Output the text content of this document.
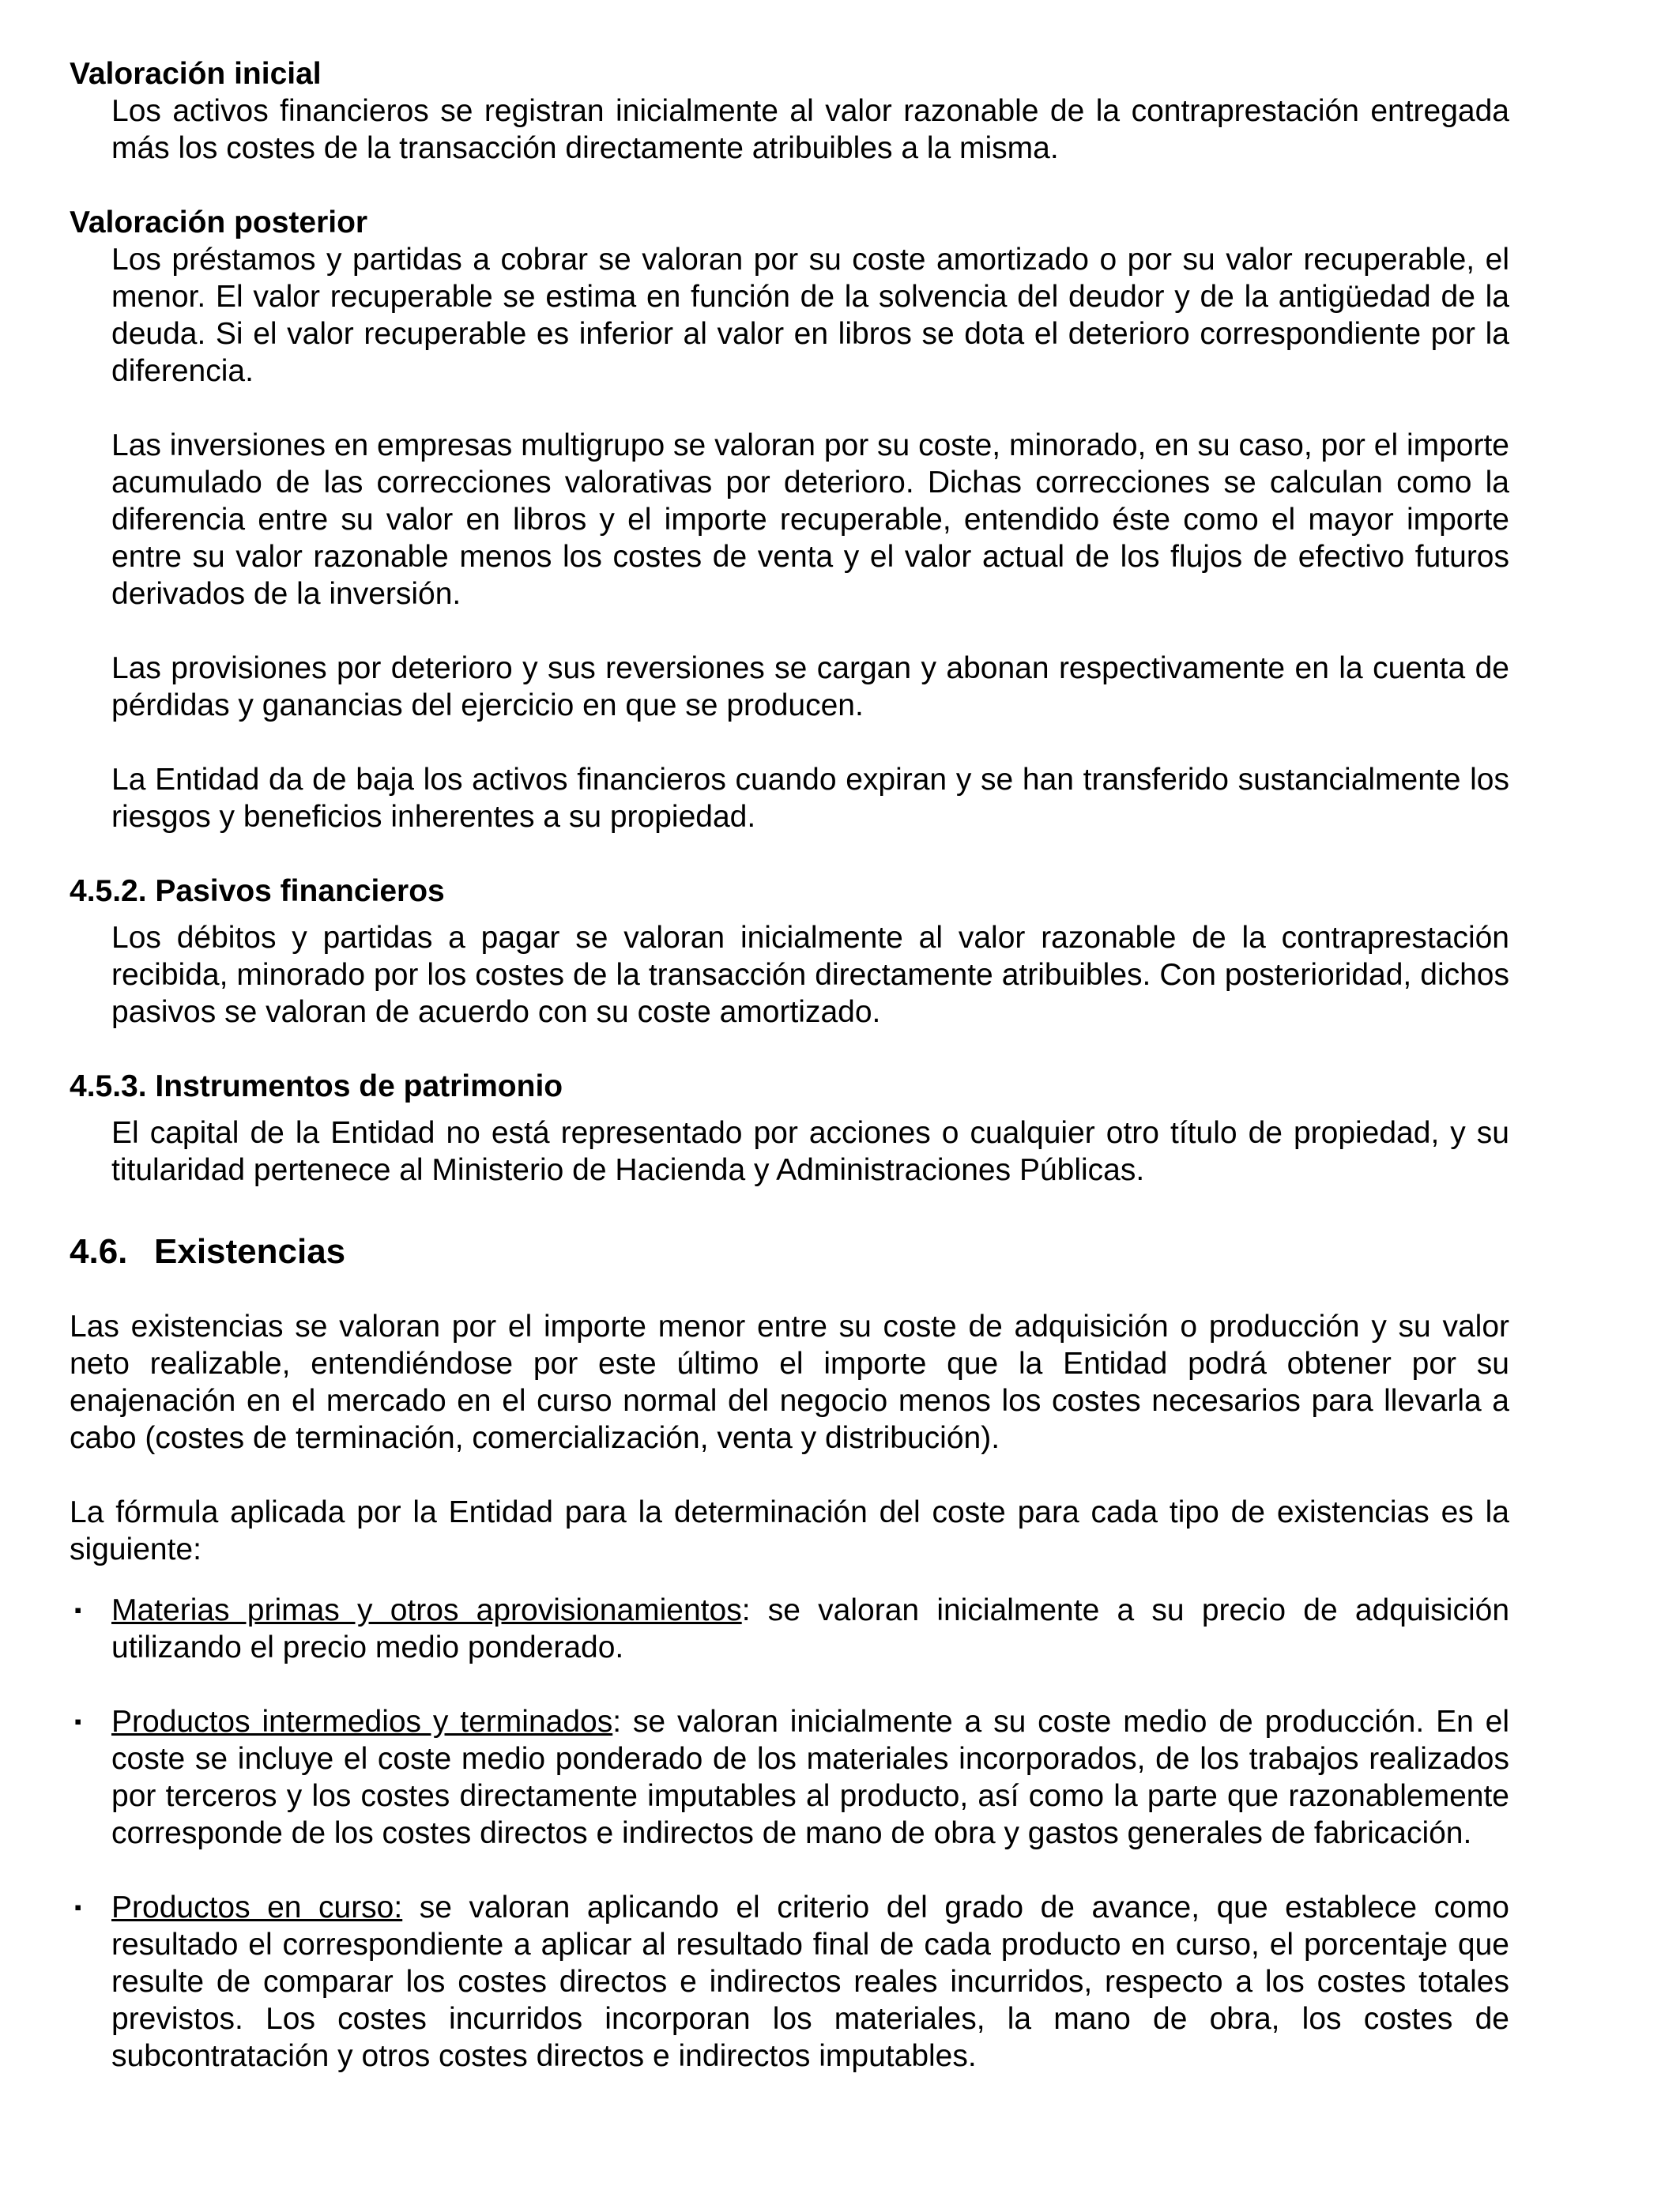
Valoración inicial

Los activos financieros se registran inicialmente al valor razonable de la contraprestación entregada más los costes de la transacción directamente atribuibles a la misma.

Valoración posterior

Los préstamos y partidas a cobrar se valoran por su coste amortizado o por su valor recuperable, el menor. El valor recuperable se estima en función de la solvencia del deudor y de la antigüedad de la deuda. Si el valor recuperable es inferior al valor en libros se dota el deterioro correspondiente por la diferencia.

Las inversiones en empresas multigrupo se valoran por su coste, minorado, en su caso, por el importe acumulado de las correcciones valorativas por deterioro. Dichas correcciones se calculan como la diferencia entre su valor en libros y el importe recuperable, entendido éste como el mayor importe entre su valor razonable menos los costes de venta y el valor actual de los flujos de efectivo futuros derivados de la inversión.

Las provisiones por deterioro y sus reversiones se cargan y abonan respectivamente en la cuenta de pérdidas y ganancias del ejercicio en que se producen.

La Entidad da de baja los activos financieros cuando expiran y se han transferido sustancialmente los riesgos y beneficios inherentes a su propiedad.

4.5.2. Pasivos financieros

Los débitos y partidas a pagar se valoran inicialmente al valor razonable de la contraprestación recibida, minorado por los costes de la transacción directamente atribuibles. Con posterioridad, dichos pasivos se valoran de acuerdo con su coste amortizado.

4.5.3. Instrumentos de patrimonio

El capital de la Entidad no está representado por acciones o cualquier otro título de propiedad, y su titularidad pertenece al Ministerio de Hacienda y Administraciones Públicas.

4.6. Existencias

Las existencias se valoran por el importe menor entre su coste de adquisición o producción y su valor neto realizable, entendiéndose por este último el importe que la Entidad podrá obtener por su enajenación en el mercado en el curso normal del negocio menos los costes necesarios para llevarla a cabo (costes de terminación, comercialización, venta y distribución).

La fórmula aplicada por la Entidad para la determinación del coste para cada tipo de existencias es la siguiente:

▪ Materias primas y otros aprovisionamientos: se valoran inicialmente a su precio de adquisición utilizando el precio medio ponderado.
▪ Productos intermedios y terminados: se valoran inicialmente a su coste medio de producción. En el coste se incluye el coste medio ponderado de los materiales incorporados, de los trabajos realizados por terceros y los costes directamente imputables al producto, así como la parte que razonablemente corresponde de los costes directos e indirectos de mano de obra y gastos generales de fabricación.
▪ Productos en curso: se valoran aplicando el criterio del grado de avance, que establece como resultado el correspondiente a aplicar al resultado final de cada producto en curso, el porcentaje que resulte de comparar los costes directos e indirectos reales incurridos, respecto a los costes totales previstos. Los costes incurridos incorporan los materiales, la mano de obra, los costes de subcontratación y otros costes directos e indirectos imputables.
